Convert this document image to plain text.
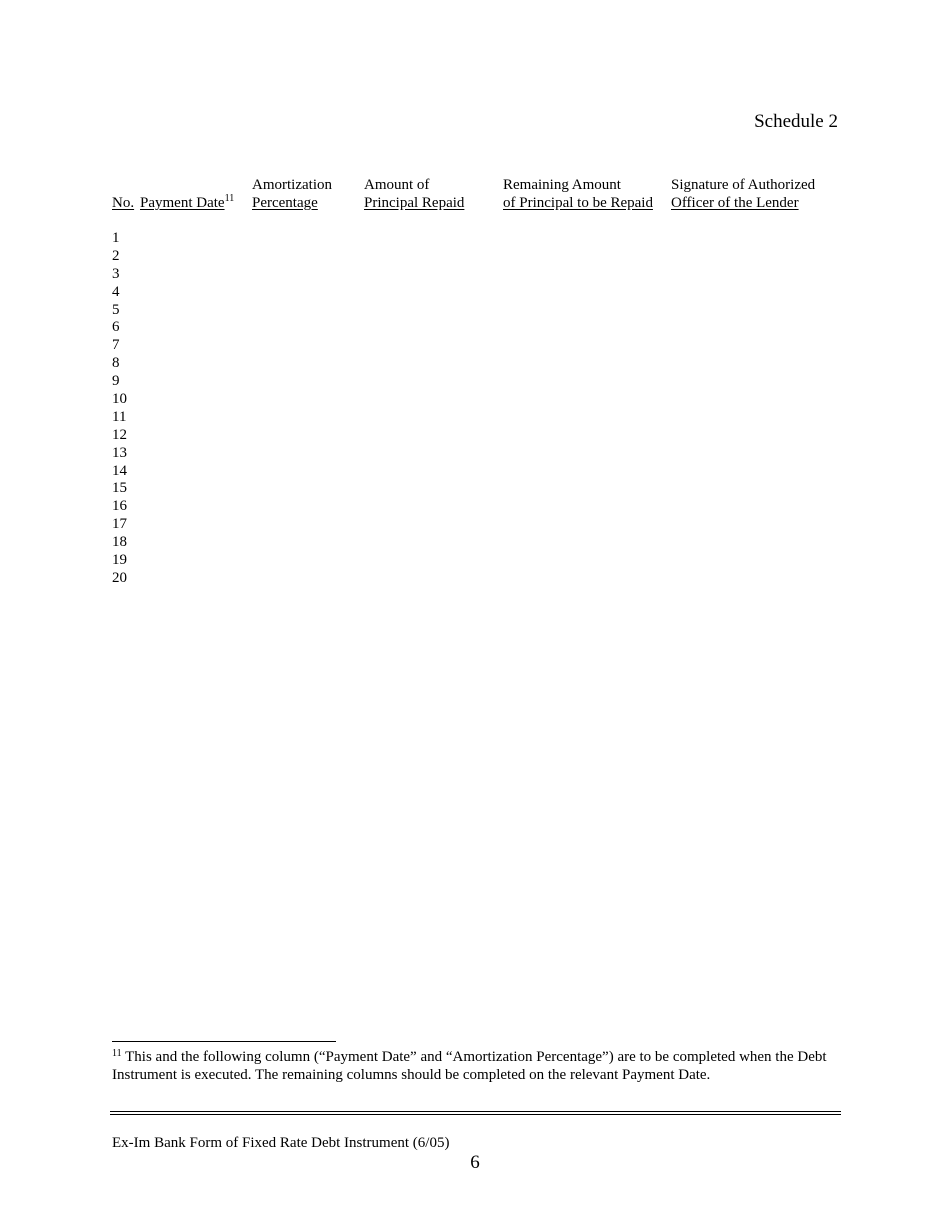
Schedule 2
No. Payment Date$^{11}$
Amortization
Percentage
Amount of
Principal Repaid
Remaining Amount
of Principal to be Repaid
Signature of Authorized
Officer of the Lender
1
2
3
4
5
6
7
8
9
10
11
12
13
14
15
16
17
18
19
20
$^{11}$ This and the following column (“Payment Date” and “Amortization Percentage”) are to be completed when the Debt Instrument is executed. The remaining columns should be completed on the relevant Payment Date.
Ex-Im Bank Form of Fixed Rate Debt Instrument (6/05)
6
